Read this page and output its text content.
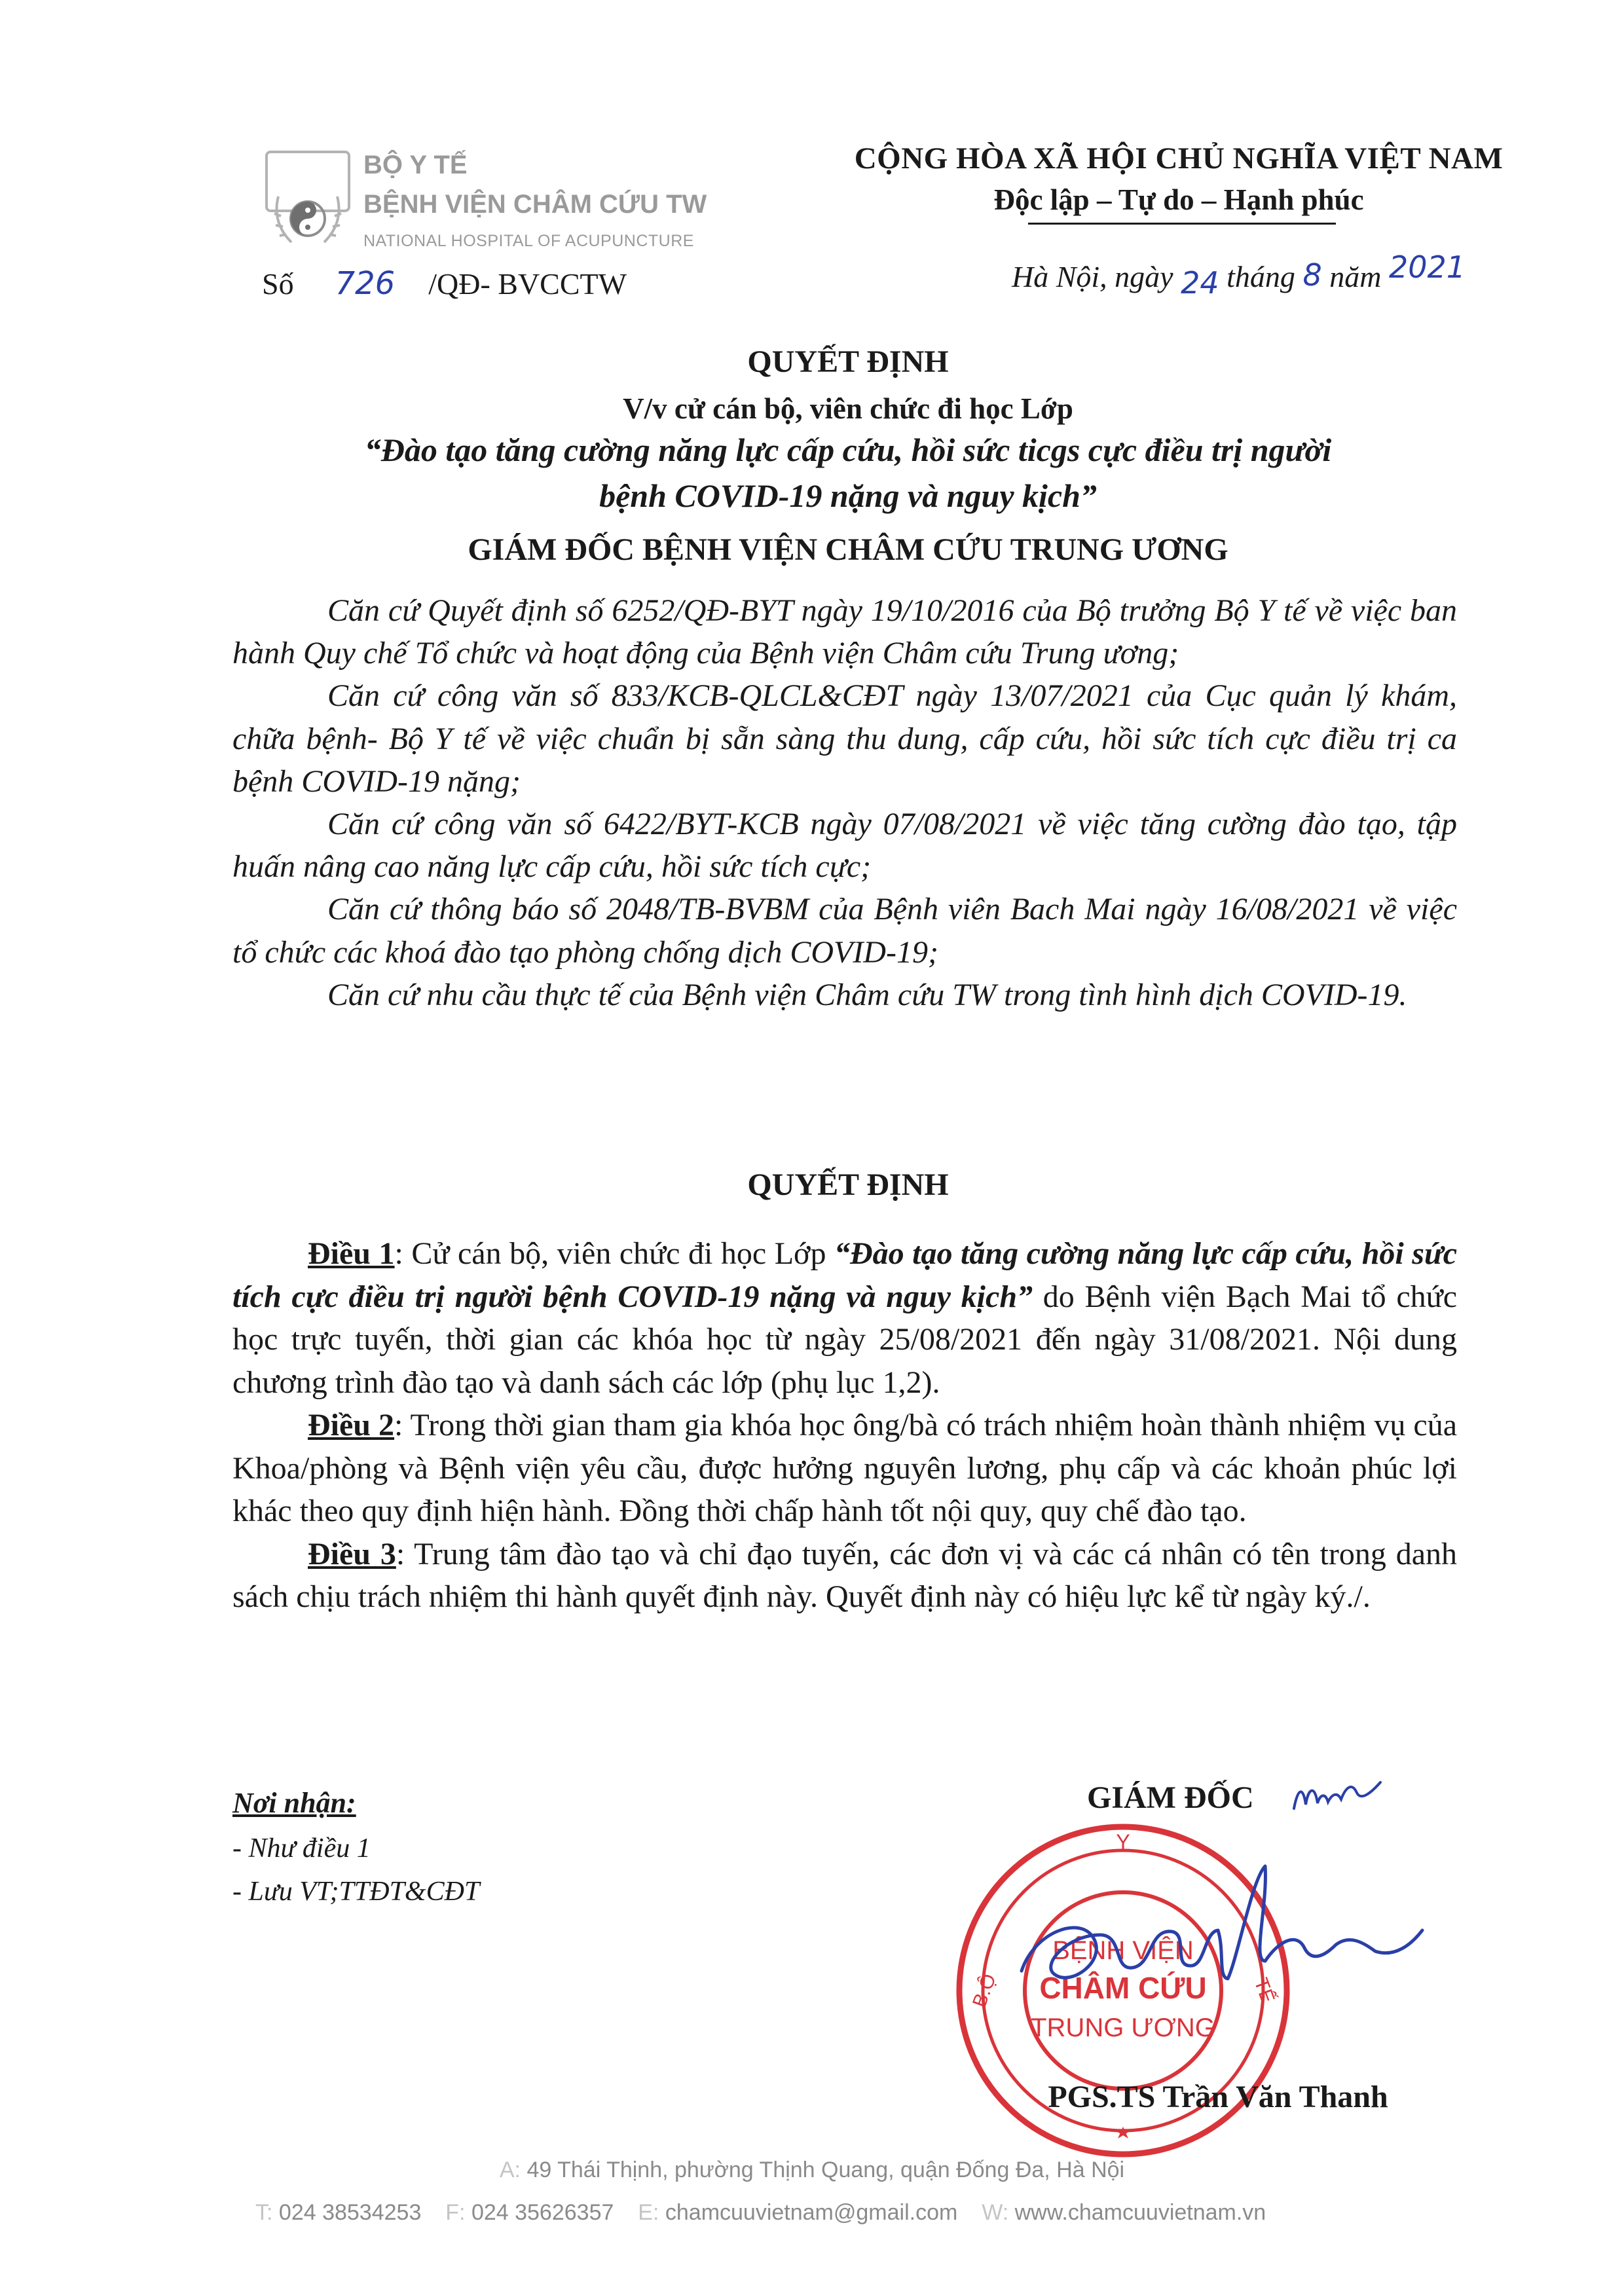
BỘ Y TẾ
BỆNH VIỆN CHÂM CỨU TW
NATIONAL HOSPITAL OF ACUPUNCTURE
CỘNG HÒA XÃ HỘI CHỦ NGHĨA VIỆT NAM
Độc lập – Tự do – Hạnh phúc
Số 726 /QĐ- BVCCTW	Hà Nội, ngày 24 tháng 8 năm 2021
QUYẾT ĐỊNH
V/v cử cán bộ, viên chức đi học Lớp
“Đào tạo tăng cường năng lực cấp cứu, hồi sức ticgs cực điều trị người
bệnh COVID-19 nặng và nguy kịch”
GIÁM ĐỐC BỆNH VIỆN CHÂM CỨU TRUNG ƯƠNG

Căn cứ Quyết định số 6252/QĐ-BYT ngày 19/10/2016 của Bộ trưởng Bộ Y tế về việc ban hành Quy chế Tổ chức và hoạt động của Bệnh viện Châm cứu Trung ương;

Căn cứ công văn số 833/KCB-QLCL&CĐT ngày 13/07/2021 của Cục quản lý khám, chữa bệnh- Bộ Y tế về việc chuẩn bị sẵn sàng thu dung, cấp cứu, hồi sức tích cực điều trị ca bệnh COVID-19 nặng;

Căn cứ công văn số 6422/BYT-KCB ngày 07/08/2021 về việc tăng cường đào tạo, tập huấn nâng cao năng lực cấp cứu, hồi sức tích cực;

Căn cứ thông báo số 2048/TB-BVBM của Bệnh viên Bach Mai ngày 16/08/2021 về việc tổ chức các khoá đào tạo phòng chống dịch COVID-19;

Căn cứ nhu cầu thực tế của Bệnh viện Châm cứu TW trong tình hình dịch COVID-19.

QUYẾT ĐỊNH

Điều 1: Cử cán bộ, viên chức đi học Lớp “Đào tạo tăng cường năng lực cấp cứu, hồi sức tích cực điều trị người bệnh COVID-19 nặng và nguy kịch” do Bệnh viện Bạch Mai tổ chức học trực tuyến, thời gian các khóa học từ ngày 25/08/2021 đến ngày 31/08/2021. Nội dung chương trình đào tạo và danh sách các lớp (phụ lục 1,2).

Điều 2: Trong thời gian tham gia khóa học ông/bà có trách nhiệm hoàn thành nhiệm vụ của Khoa/phòng và Bệnh viện yêu cầu, được hưởng nguyên lương, phụ cấp và các khoản phúc lợi khác theo quy định hiện hành. Đồng thời chấp hành tốt nội quy, quy chế đào tạo.

Điều 3: Trung tâm đào tạo và chỉ đạo tuyến, các đơn vị và các cá nhân có tên trong danh sách chịu trách nhiệm thi hành quyết định này. Quyết định này có hiệu lực kể từ ngày ký./.

Nơi nhận:
- Như điều 1
- Lưu VT;TTĐT&CĐT
GIÁM ĐỐC
Y
B.Ộ	TẾ
BỆNH VIỆN
CHÂM CỨU
TRUNG ƯƠNG
PGS.TS Trần Văn Thanh
A: 49 Thái Thịnh, phường Thịnh Quang, quận Đống Đa, Hà Nội
T: 024 38534253 F: 024 35626357 E: chamcuuvietnam@gmail.com W: www.chamcuuvietnam.vn
